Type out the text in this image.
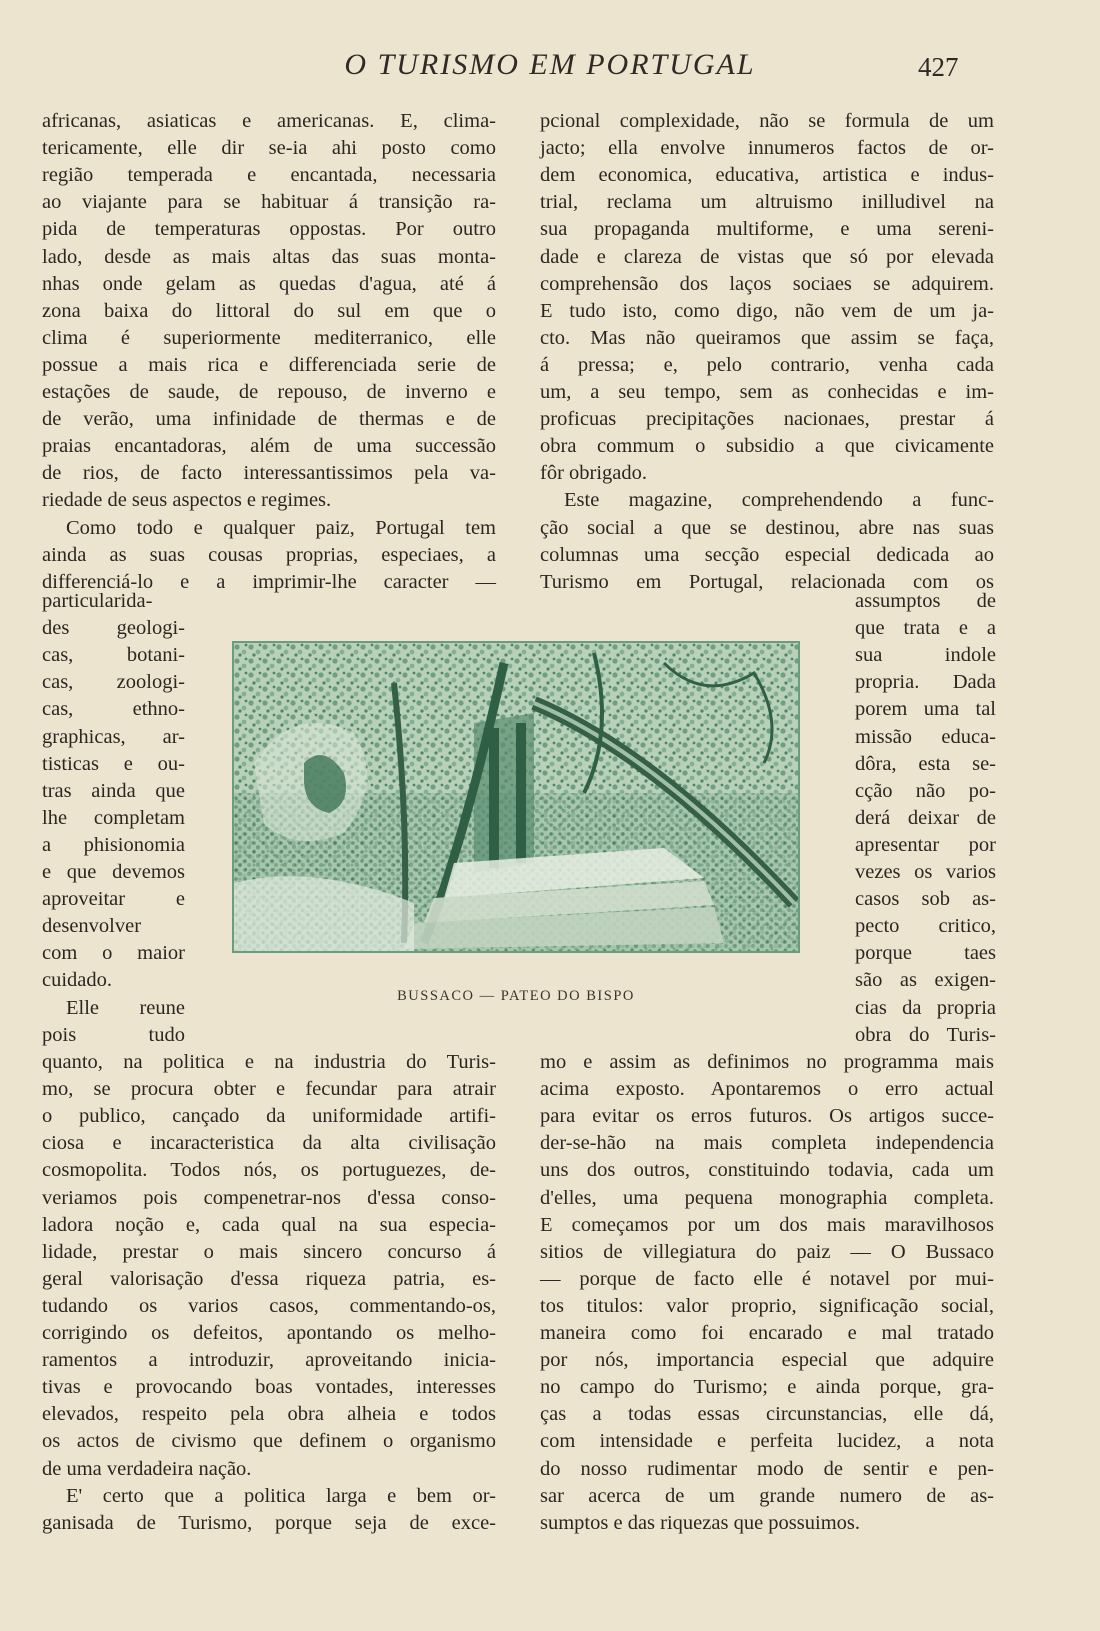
O TURISMO EM PORTUGAL	427
africanas, asiaticas e americanas. E, clima-
tericamente, elle dir se-ia ahi posto como
região temperada e encantada, necessaria
ao viajante para se habituar á transição ra-
pida de temperaturas oppostas. Por outro
lado, desde as mais altas das suas monta-
nhas onde gelam as quedas d'agua, até á
zona baixa do littoral do sul em que o
clima é superiormente mediterranico, elle
possue a mais rica e differenciada serie de
estações de saude, de repouso, de inverno e
de verão, uma infinidade de thermas e de
praias encantadoras, além de uma successão
de rios, de facto interessantissimos pela va-
riedade de seus aspectos e regimes.
Como todo e qualquer paiz, Portugal tem
ainda as suas cousas proprias, especiaes, a
differenciá-lo e a imprimir-lhe caracter —
particularida-
des geologi-
cas, botani-
cas, zoologi-
cas, ethno-
graphicas, ar-
tisticas e ou-
tras ainda que
lhe completam
a phisionomia
e que devemos
aproveitar e
desenvolver
com o maior
cuidado.
Elle reune
pois tudo
quanto, na politica e na industria do Turis-
mo, se procura obter e fecundar para atrair
o publico, cançado da uniformidade artifi-
ciosa e incaracteristica da alta civilisação
cosmopolita. Todos nós, os portuguezes, de-
veriamos pois compenetrar-nos d'essa conso-
ladora noção e, cada qual na sua especia-
lidade, prestar o mais sincero concurso á
geral valorisação d'essa riqueza patria, es-
tudando os varios casos, commentando-os,
corrigindo os defeitos, apontando os melho-
ramentos a introduzir, aproveitando inicia-
tivas e provocando boas vontades, interesses
elevados, respeito pela obra alheia e todos
os actos de civismo que definem o organismo
de uma verdadeira nação.
E' certo que a politica larga e bem or-
ganisada de Turismo, porque seja de exce-
pcional complexidade, não se formula de um
jacto; ella envolve innumeros factos de or-
dem economica, educativa, artistica e indus-
trial, reclama um altruismo inilludivel na
sua propaganda multiforme, e uma sereni-
dade e clareza de vistas que só por elevada
comprehensão dos laços sociaes se adquirem.
E tudo isto, como digo, não vem de um ja-
cto. Mas não queiramos que assim se faça,
á pressa; e, pelo contrario, venha cada
um, a seu tempo, sem as conhecidas e im-
proficuas precipitações nacionaes, prestar á
obra commum o subsidio a que civicamente
fôr obrigado.
Este magazine, comprehendendo a func-
ção social a que se destinou, abre nas suas
columnas uma secção especial dedicada ao
Turismo em Portugal, relacionada com os
assumptos de
que trata e a
sua indole
propria. Dada
porem uma tal
missão educa-
dôra, esta se-
cção não po-
derá deixar de
apresentar por
vezes os varios
casos sob as-
pecto critico,
porque taes
são as exigen-
cias da propria
obra do Turis-
mo e assim as definimos no programma mais
acima exposto. Apontaremos o erro actual
para evitar os erros futuros. Os artigos succe-
der-se-hão na mais completa independencia
uns dos outros, constituindo todavia, cada um
d'elles, uma pequena monographia completa.
E começamos por um dos mais maravilhosos
sitios de villegiatura do paiz — O Bussaco
— porque de facto elle é notavel por mui-
tos titulos: valor proprio, significação social,
maneira como foi encarado e mal tratado
por nós, importancia especial que adquire
no campo do Turismo; e ainda porque, gra-
ças a todas essas circunstancias, elle dá,
com intensidade e perfeita lucidez, a nota
do nosso rudimentar modo de sentir e pen-
sar acerca de um grande numero de as-
sumptos e das riquezas que possuimos.
BUSSACO — PATEO DO BISPO
